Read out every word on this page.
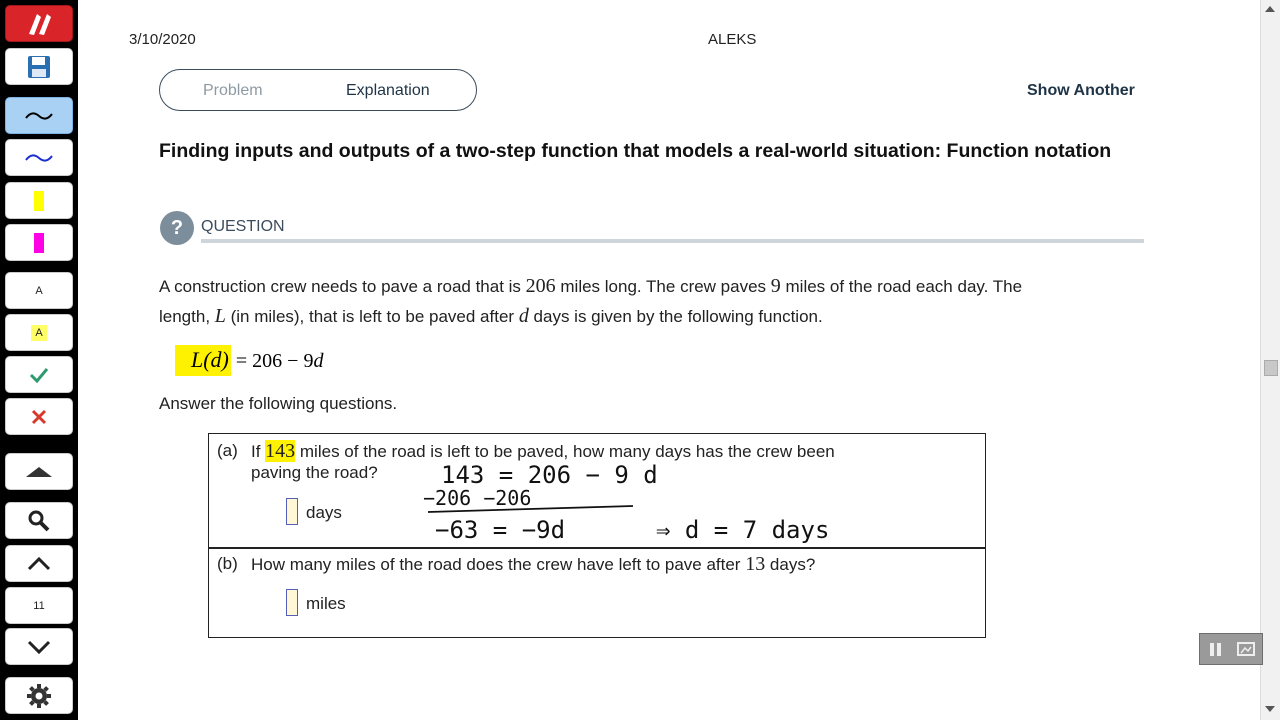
A
A
11
3/10/2020	ALEKS
Problem	Explanation	Show Another
Finding inputs and outputs of a two-step function that models a real-world situation: Function notation
?	QUESTION
A construction crew needs to pave a road that is 206 miles long. The crew paves 9 miles of the road each day. The
length, L (in miles), that is left to be paved after d days is given by the following function.
L(d) = 206 − 9d
Answer the following questions.
(a) If 143 miles of the road is left to be paved, how many days has the crew been
paving the road?
days
(b) How many miles of the road does the crew have left to pave after 13 days?
miles
143 = 206 − 9 d
−206 −206
−63 = −9d	⇒ d = 7 days
